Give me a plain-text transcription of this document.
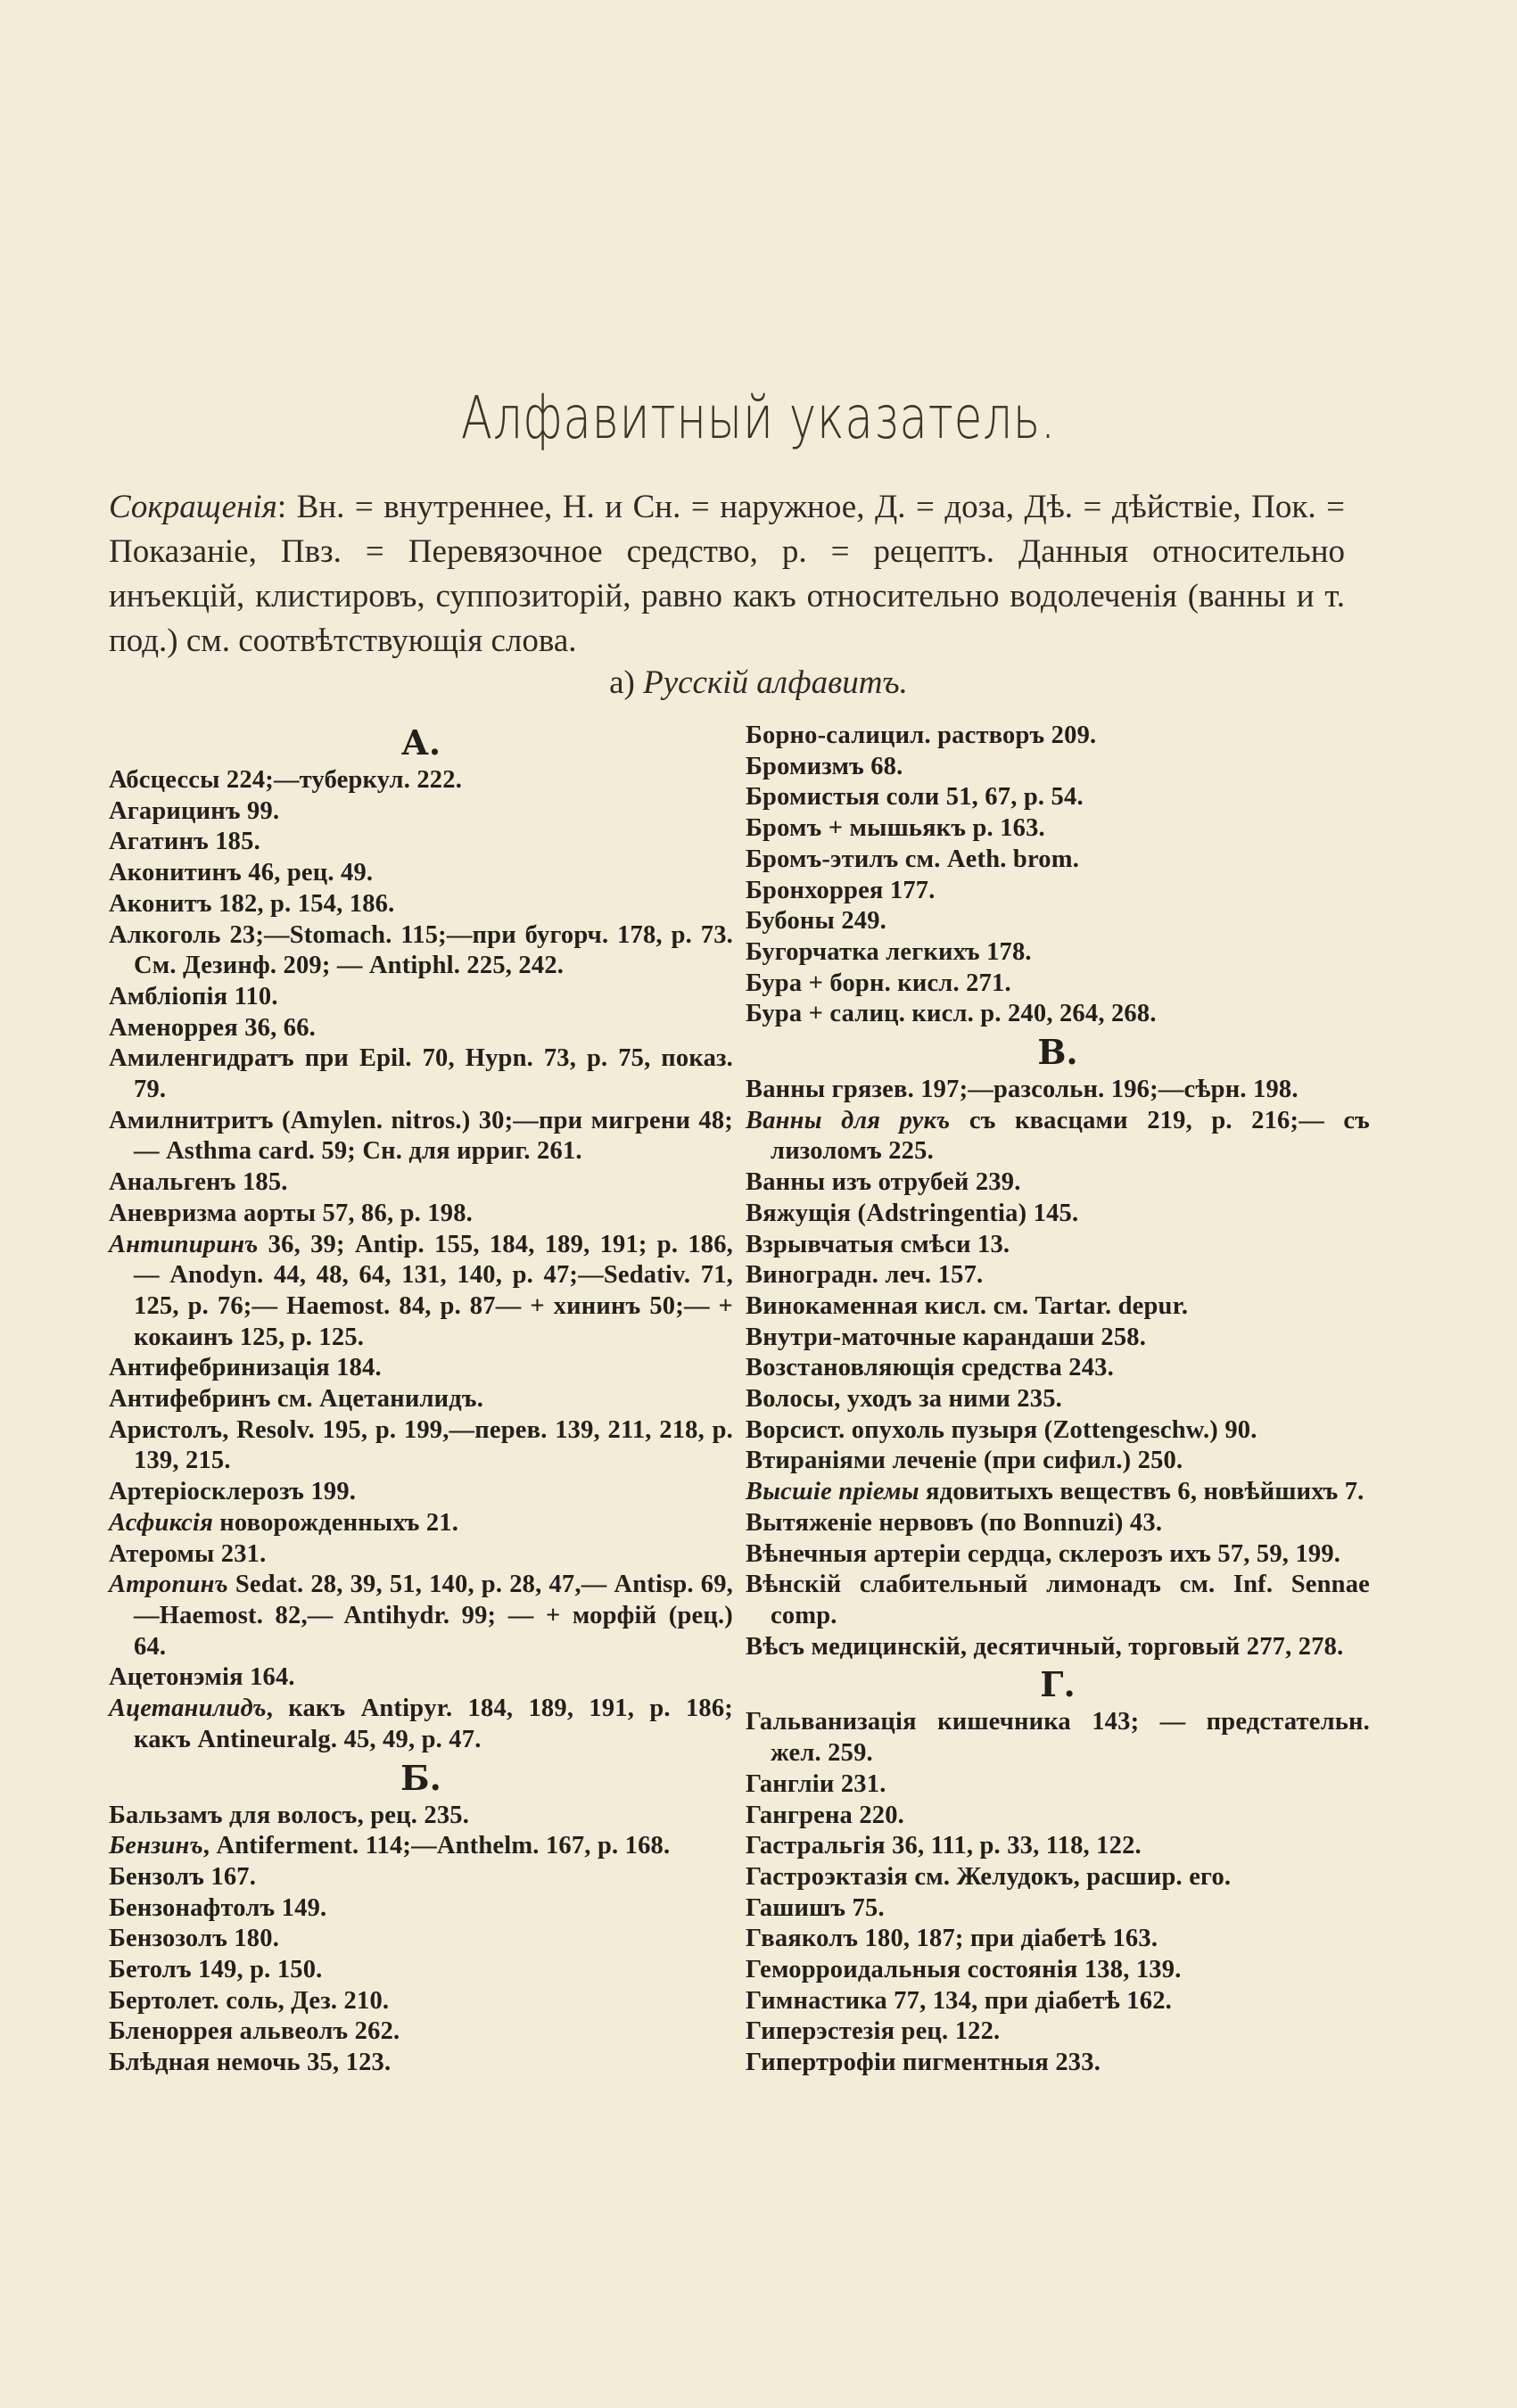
Алфавитный указатель.
Сокращенія: Вн. = внутреннее, Н. и Сн. = наружное, Д. = доза, Дѣ. = дѣйствіе, Пок. = Показаніе, Пвз. = Перевязочное средство, р. = рецептъ. Данныя относительно инъекцій, клистировъ, суппозиторій, равно какъ относительно водолеченія (ванны и т. под.) см. соотвѣтствующія слова.
а) Русскій алфавитъ.
А.
Абсцессы 224;—туберкул. 222.
Агарицинъ 99.
Агатинъ 185.
Аконитинъ 46, рец. 49.
Аконитъ 182, р. 154, 186.
Алкоголь 23;—Stomach. 115;—при бугорч. 178, р. 73. См. Дезинф. 209; — Antiphl. 225, 242.
Амбліопія 110.
Аменоррея 36, 66.
Амиленгидратъ при Epil. 70, Hypn. 73, р. 75, показ. 79.
Амилнитритъ (Amylen. nitros.) 30;—при мигрени 48; — Asthma card. 59; Сн. для ирриг. 261.
Анальгенъ 185.
Аневризма аорты 57, 86, р. 198.
Антипиринъ 36, 39; Antip. 155, 184, 189, 191; р. 186, — Anodyn. 44, 48, 64, 131, 140, р. 47;—Sedativ. 71, 125, р. 76;— Haemost. 84, р. 87— + хининъ 50;— + кокаинъ 125, р. 125.
Антифебринизація 184.
Антифебринъ см. Ацетанилидъ.
Аристолъ, Resolv. 195, р. 199,—перев. 139, 211, 218, р. 139, 215.
Артеріосклерозъ 199.
Асфиксія новорожденныхъ 21.
Атеромы 231.
Атропинъ Sedat. 28, 39, 51, 140, р. 28, 47,— Antisp. 69,—Haemost. 82,— Antihydr. 99; — + морфій (рец.) 64.
Ацетонэмія 164.
Ацетанилидъ, какъ Antipyr. 184, 189, 191, р. 186; какъ Antineuralg. 45, 49, р. 47.
Б.
Бальзамъ для волосъ, рец. 235.
Бензинъ, Antiferment. 114;—Anthelm. 167, р. 168.
Бензолъ 167.
Бензонафтолъ 149.
Бензозолъ 180.
Бетолъ 149, р. 150.
Бертолет. соль, Дез. 210.
Бленоррея альвеолъ 262.
Блѣдная немочь 35, 123.
Борно-салицил. растворъ 209.
Бромизмъ 68.
Бромистыя соли 51, 67, р. 54.
Бромъ + мышьякъ р. 163.
Бромъ-этилъ см. Aeth. brom.
Бронхоррея 177.
Бубоны 249.
Бугорчатка легкихъ 178.
Бура + борн. кисл. 271.
Бура + салиц. кисл. р. 240, 264, 268.
В.
Ванны грязев. 197;—разсольн. 196;—сѣрн. 198.
Ванны для рукъ съ квасцами 219, р. 216;— съ лизоломъ 225.
Ванны изъ отрубей 239.
Вяжущія (Adstringentia) 145.
Взрывчатыя смѣси 13.
Виноградн. леч. 157.
Винокаменная кисл. см. Tartar. depur.
Внутри-маточные карандаши 258.
Возстановляющія средства 243.
Волосы, уходъ за ними 235.
Ворсист. опухоль пузыря (Zottengeschw.) 90.
Втираніями леченіе (при сифил.) 250.
Высшіе пріемы ядовитыхъ веществъ 6, новѣйшихъ 7.
Вытяженіе нервовъ (по Bonnuzi) 43.
Вѣнечныя артеріи сердца, склерозъ ихъ 57, 59, 199.
Вѣнскій слабительный лимонадъ см. Inf. Sennae comp.
Вѣсъ медицинскій, десятичный, торговый 277, 278.
Г.
Гальванизація кишечника 143; — предстательн. жел. 259.
Гангліи 231.
Гангрена 220.
Гастральгія 36, 111, р. 33, 118, 122.
Гастроэктазія см. Желудокъ, расшир. его.
Гашишъ 75.
Гваяколъ 180, 187; при діабетѣ 163.
Геморроидальныя состоянія 138, 139.
Гимнастика 77, 134, при діабетѣ 162.
Гиперэстезія рец. 122.
Гипертрофіи пигментныя 233.
